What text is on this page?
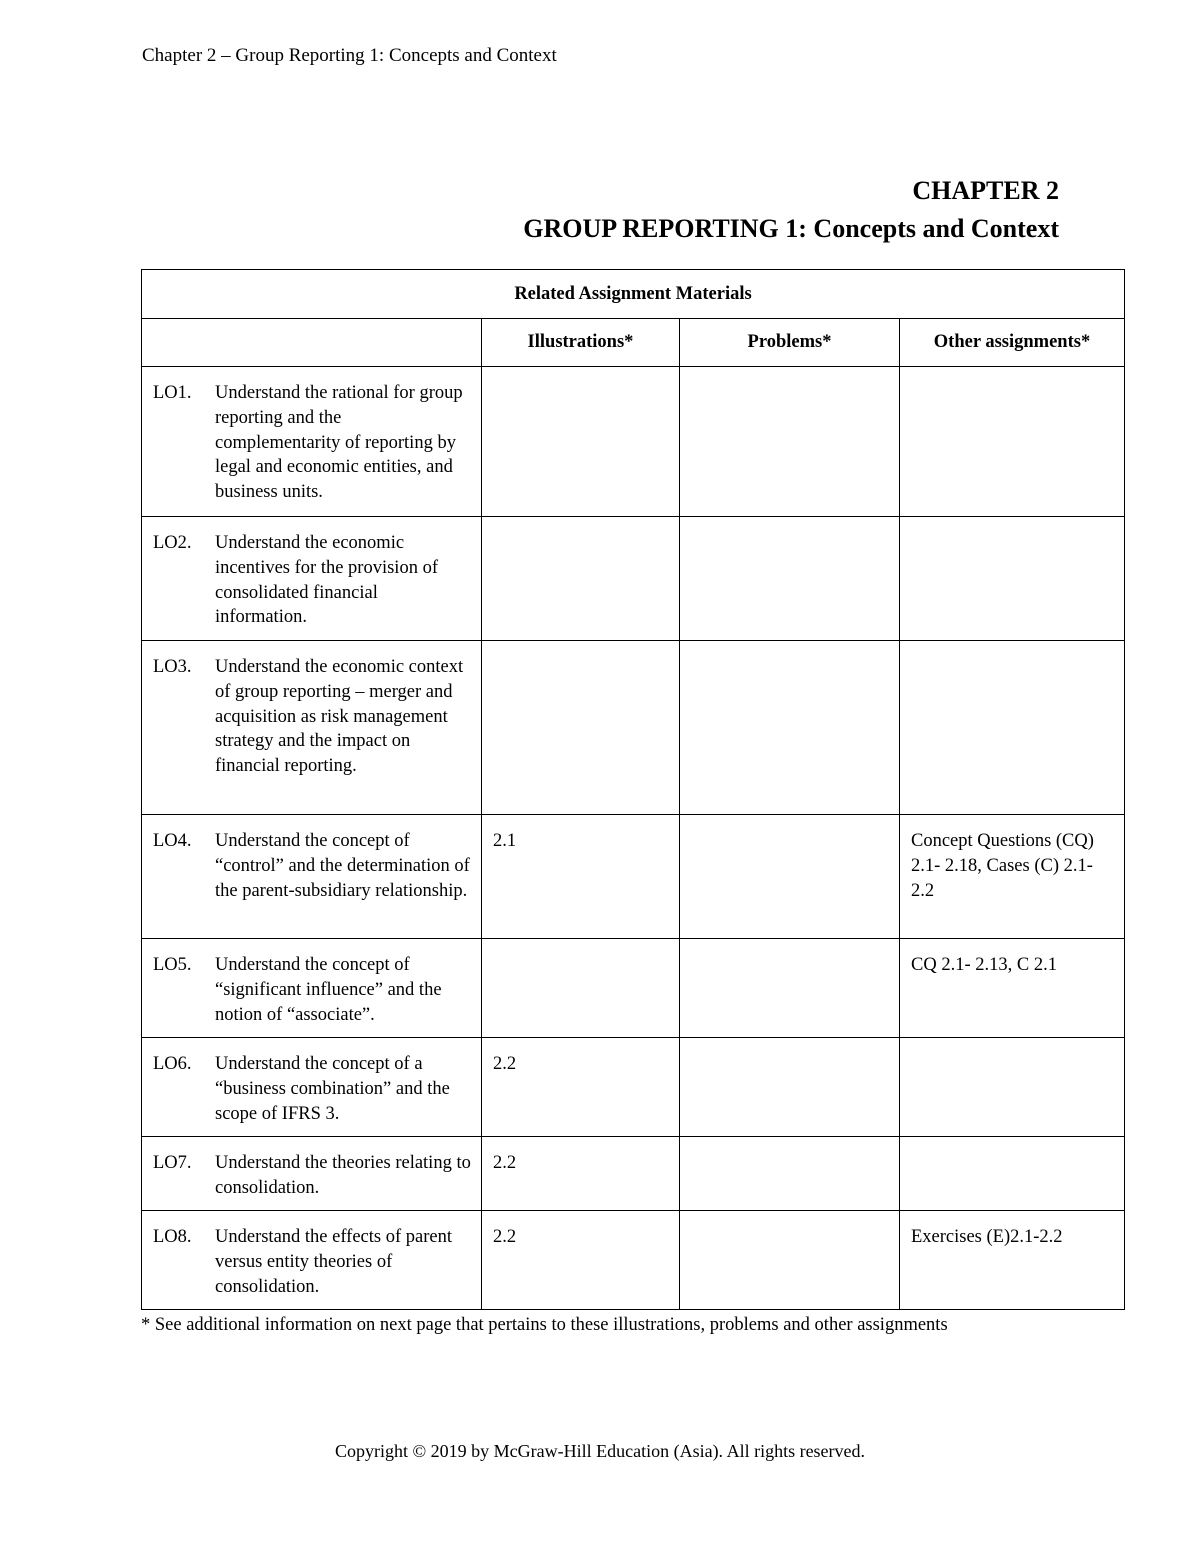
Chapter 2 – Group Reporting 1: Concepts and Context
CHAPTER 2
GROUP REPORTING 1: Concepts and Context
Related Assignment Materials			
	Illustrations*	Problems*	Other assignments*

LO1. Understand the rational for group reporting and the complementarity of reporting by legal and economic entities, and business units.			

LO2. Understand the economic incentives for the provision of consolidated financial information.			

LO3. Understand the economic context of group reporting – merger and acquisition as risk management strategy and the impact on financial reporting.			

LO4. Understand the concept of “control” and the determination of the parent-subsidiary relationship.	2.1		Concept Questions (CQ) 2.1- 2.18, Cases (C) 2.1-2.2

LO5. Understand the concept of “significant influence” and the notion of “associate”.			CQ 2.1- 2.13, C 2.1

LO6. Understand the concept of a “business combination” and the scope of IFRS 3.	2.2		

LO7. Understand the theories relating to consolidation.	2.2		

LO8. Understand the effects of parent versus entity theories of consolidation.	2.2		Exercises (E)2.1-2.2
* See additional information on next page that pertains to these illustrations, problems and other assignments
Copyright © 2019 by McGraw-Hill Education (Asia). All rights reserved.
